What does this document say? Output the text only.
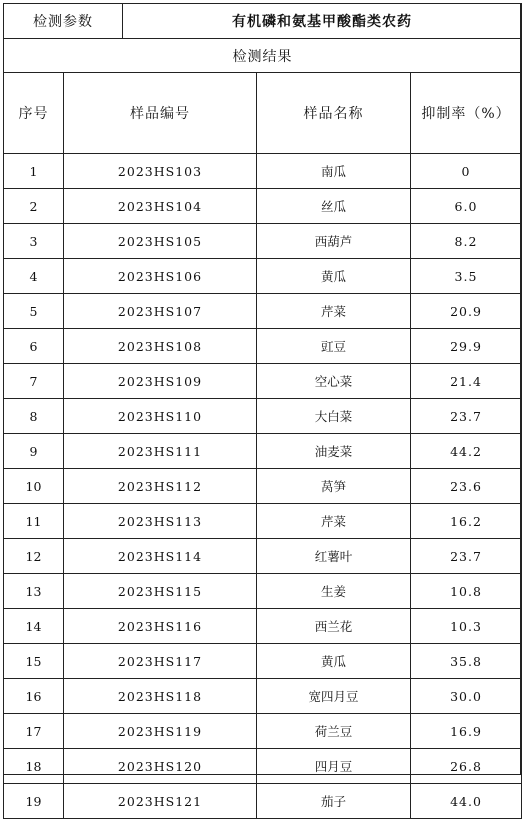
检测参数		有机磷和氨基甲酸酯类农药			
检测结果					
序号	样品编号		样品名称	抑制率（%）	
1	2023HS103		南瓜	0	

2	2023HS104		丝瓜	6.0	

3	2023HS105		西葫芦	8.2	

4	2023HS106		黄瓜	3.5	

5	2023HS107		芹菜	20.9	

6	2023HS108		豇豆	29.9	

7	2023HS109		空心菜	21.4	

8	2023HS110		大白菜	23.7	

9	2023HS111		油麦菜	44.2	

10	2023HS112		莴笋	23.6	

11	2023HS113		芹菜	16.2	

12	2023HS114		红薯叶	23.7	

13	2023HS115		生姜	10.8	

14	2023HS116		西兰花	10.3	

15	2023HS117		黄瓜	35.8	

16	2023HS118		宽四月豆	30.0	

17	2023HS119		荷兰豆	16.9	

18	2023HS120		四月豆	26.8	

19	2023HS121		茄子	44.0	
